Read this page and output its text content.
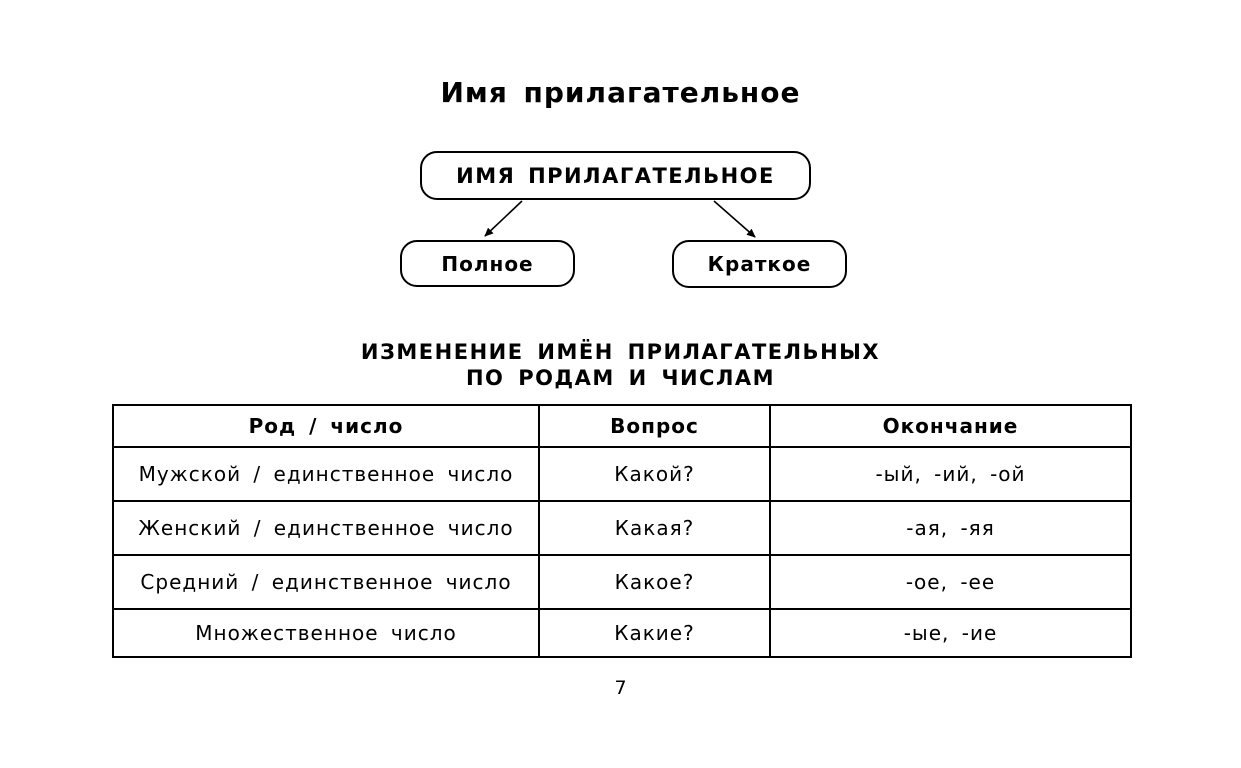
Имя прилагательное
ИМЯ ПРИЛАГАТЕЛЬНОЕ
Полное	Краткое
ИЗМЕНЕНИЕ ИМЁН ПРИЛАГАТЕЛЬНЫХ
ПО РОДАМ И ЧИСЛАМ
Род / число	Вопрос	Окончание
Мужской / единственное число	Какой?	-ый, -ий, -ой
Женский / единственное число	Какая?	-ая, -яя
Средний / единственное число	Какое?	-ое, -ее
Множественное число	Какие?	-ые, -ие
7
